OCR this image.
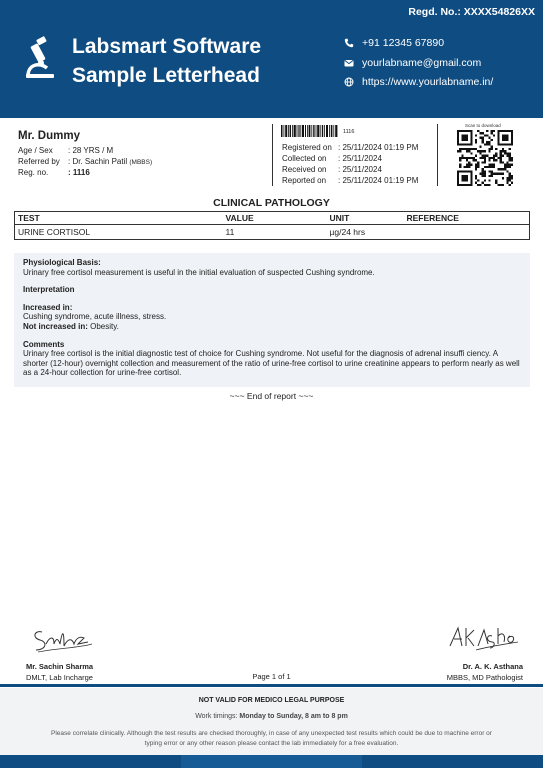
Regd. No.: XXXX54826XX
Labsmart Software
Sample Letterhead
+91 12345 67890
yourlabname@gmail.com
https://www.yourlabname.in/
Mr. Dummy
Age / Sex	: 28 YRS / M
Referred by	: Dr. Sachin Patil (MBBS)
Reg. no.	: 1116
1116
Registered on : 25/11/2024 01:19 PM
Collected on	: 25/11/2024
Received on	: 25/11/2024
Reported on	: 25/11/2024 01:19 PM
Scan to download
CLINICAL PATHOLOGY
TEST	VALUE	UNIT	REFERENCE
URINE CORTISOL	11	µg/24 hrs	
Physiological Basis:
Urinary free cortisol measurement is useful in the initial evaluation of suspected Cushing syndrome.
Interpretation
Increased in:
Cushing syndrome, acute illness, stress.
Not increased in: Obesity.
Comments
Urinary free cortisol is the initial diagnostic test of choice for Cushing syndrome. Not useful for the diagnosis of adrenal insuffi ciency. A shorter (12-hour) overnight collection and measurement of the ratio of urine-free cortisol to urine creatinine appears to perform nearly as well as a 24-hour collection for urine-free cortisol.
~~~ End of report ~~~
Mr. Sachin Sharma
DMLT, Lab Incharge	Page 1 of 1
Dr. A. K. Asthana
MBBS, MD Pathologist
NOT VALID FOR MEDICO LEGAL PURPOSE
Work timings: Monday to Sunday, 8 am to 8 pm
Please correlate clinically. Although the test results are checked thoroughly, in case of any unexpected test results which could be due to machine error or typing error or any other reason please contact the lab immediately for a free evaluation.
